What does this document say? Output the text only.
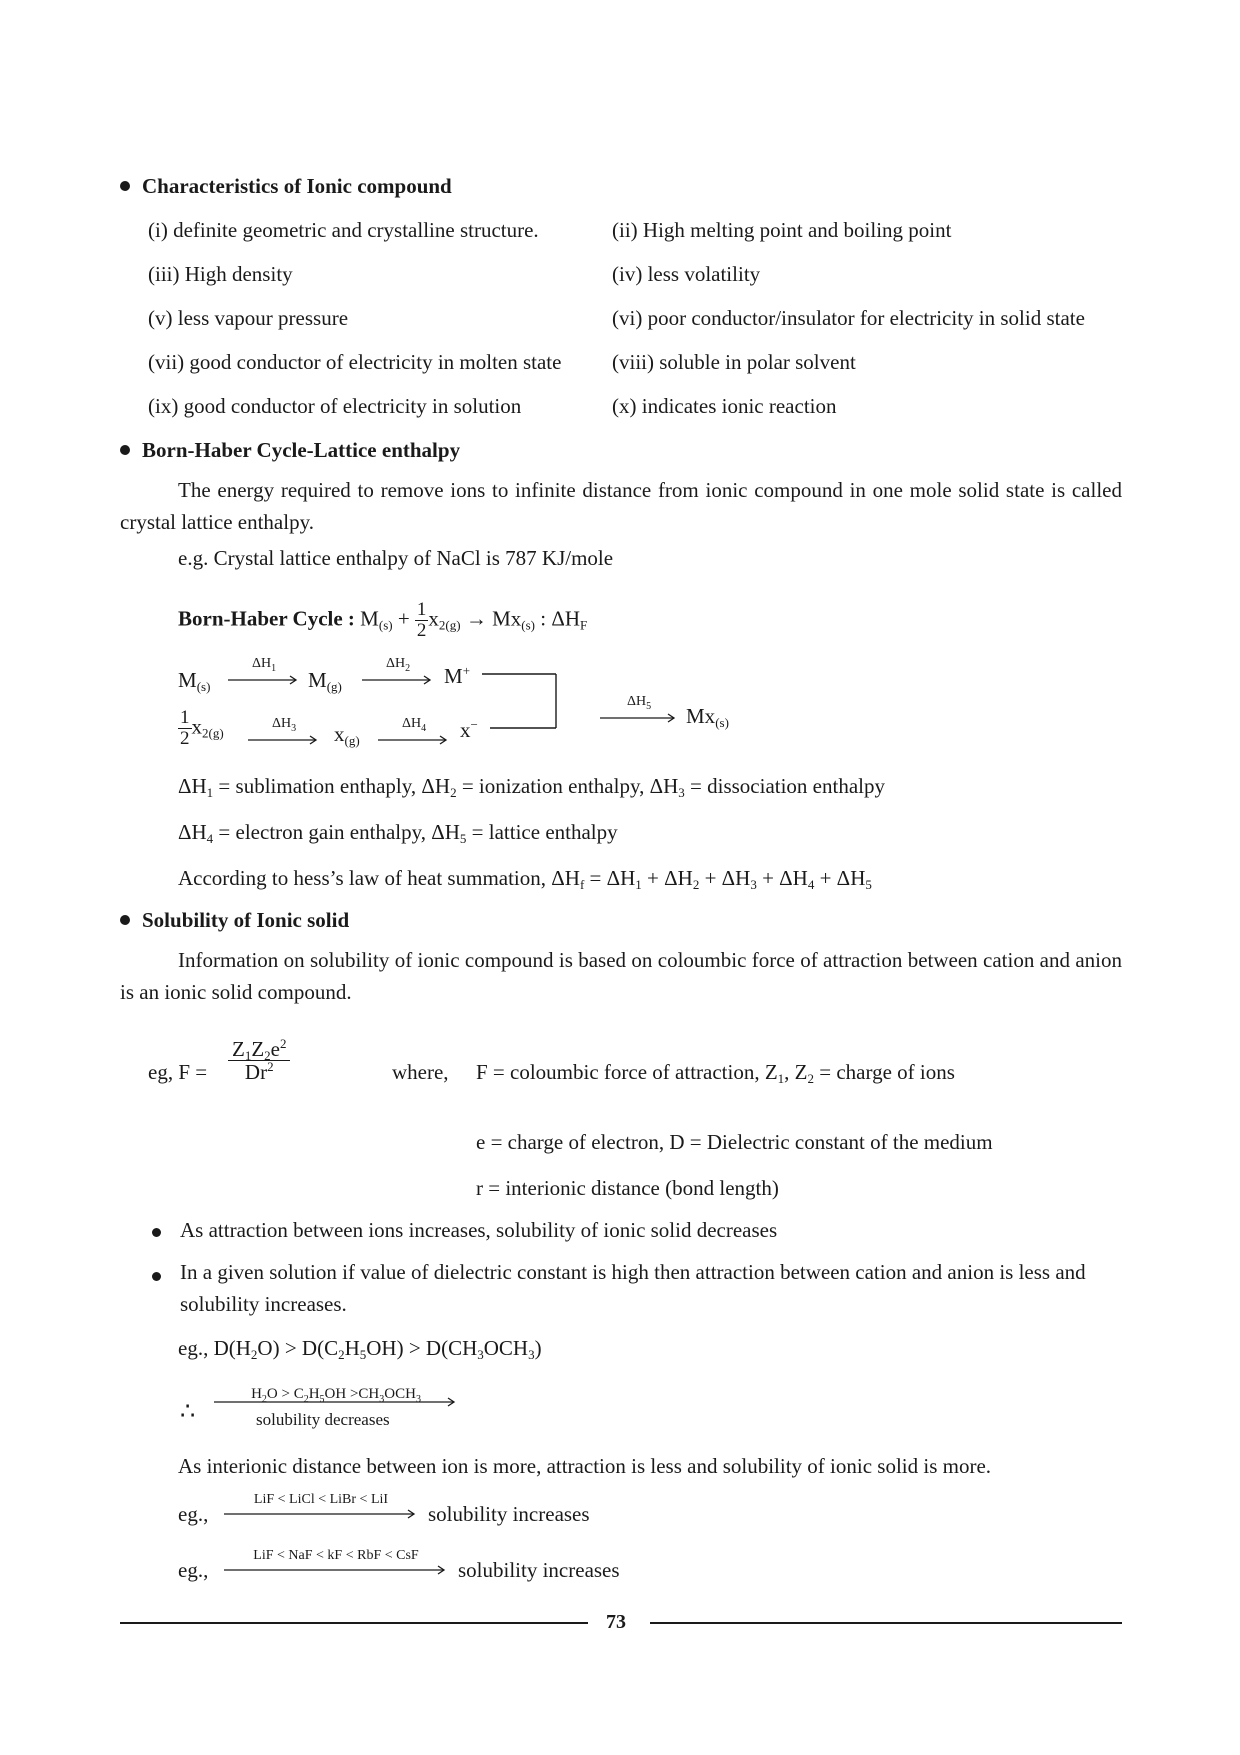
Characteristics of Ionic compound
(i) definite geometric and crystalline structure.	(ii) High melting point and boiling point
(iii) High density	(iv) less volatility
(v) less vapour pressure	(vi) poor conductor/insulator for electricity in solid state
(vii) good conductor of electricity in molten state (viii) soluble in polar solvent
(ix) good conductor of electricity in solution	(x) indicates ionic reaction
Born-Haber Cycle-Lattice enthalpy
The energy required to remove ions to infinite distance from ionic compound in one mole solid state is called crystal lattice enthalpy.
e.g. Crystal lattice enthalpy of NaCl is 787 KJ/mole
Born-Haber Cycle : $M_{(s)} + \frac{1}{2} x_{2(g)} \to Mx_{(s)}$ : $\Delta H_F$
$M_{(s)}$
$\Delta H_1$	$M_{(g)}$
$\Delta H_2$	M+
$\frac{1}{2} x_{2(g)}$
$\Delta H_3$	$x_{(g)}$
$\Delta H_4$	x−
$\Delta H_5$	$Mx_{(s)}$
$\Delta H_1$ = sublimation enthaply, $\Delta H_2$ = ionization enthalpy, $\Delta H_3$ = dissociation enthalpy
$\Delta H_4$ = electron gain enthalpy, $\Delta H_5$ = lattice enthalpy
According to hess’s law of heat summation, $\Delta H_f = \Delta H_1 + \Delta H_2 + \Delta H_3 + \Delta H_4 + \Delta H_5$
Solubility of Ionic solid
Information on solubility of ionic compound is based on coloumbic force of attraction between cation and anion is an ionic solid compound.
eg, $F = \frac{Z_1Z_2e^2}{Dr^2}$	where, F = coloumbic force of attraction, $Z_1$, $Z_2$ = charge of ions
e = charge of electron, D = Dielectric constant of the medium
r = interionic distance (bond length)
As attraction between ions increases, solubility of ionic solid decreases
In a given solution if value of dielectric constant is high then attraction between cation and anion is less and solubility increases.
eg., $D(H_2O) > D(C_2H_5OH) > D(CH_3OCH_3)$
∴
$H_2O > C_2H_5OH >CH_3OCH_3$
solubility decreases
As interionic distance between ion is more, attraction is less and solubility of ionic solid is more.
eg.,
LiF < LiCl < LiBr < LiI
solubility increases
eg.,
LiF < NaF < kF < RbF < CsF
solubility increases
73
